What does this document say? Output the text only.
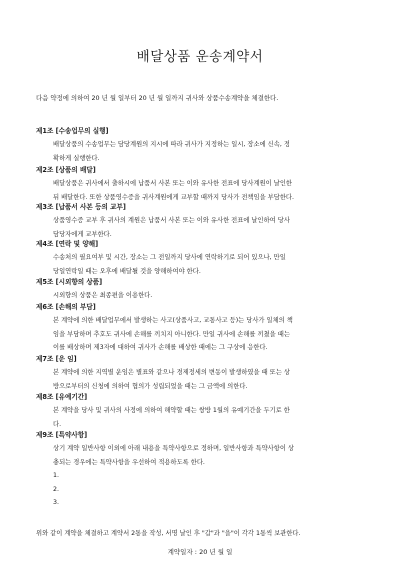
배달상품 운송계약서
다음 약정에 의하여 20 년 월 일부터 20 년 월 일까지 귀사와 상품수송계약을 체결한다.
제1조 [수송업무의 실행]
배달상품의 수송업무는 담당계원의 지시에 따라 귀사가 지정하는 일시, 장소에 신속, 정
확하게 실행한다.
제2조 [상품의 배달]
배달상품은 귀사에서 출하시에 납품서 사본 또는 이와 유사한 전표에 당사계원이 날인한
뒤 배달한다. 또한 상품영수증을 귀사계원에게 교부할 때까지 당사가 전책임을 부담한다.
제3조 [납품서 사본 등의 교부]
상품영수증 교부 후 귀사의 계원은 납품서 사본 또는 이와 유사한 전표에 날인하여 당사
담당자에게 교부한다.
제4조 [연락 및 양해]
수송처의 필요여부 및 시간, 장소는 그 전일까지 당사에 연락하기로 되어 있으나, 만일
당일연락일 때는 오후에 배달될 것을 양해하여야 한다.
제5조 [시외향의 상품]
시외향의 상품은 최종편을 이용한다.
제6조 [손해의 부담]
본 계약에 의한 배달업무에서 발생하는 사고(상품사고, 교통사고 등)는 당사가 일체의 책
임을 부담하며 추호도 귀사에 손해를 끼치지 아니한다. 만일 귀사에 손해를 끼쳤을 때는
이를 배상하며 제3자에 대하여 귀사가 손해를 배상한 때에는 그 구상에 응한다.
제7조 [운 임]
본 계약에 의한 지역별 운임은 별표와 같으나 경제정세의 변동이 발생하였을 때 또는 상
방으로부터의 신청에 의하여 협의가 성립되었을 때는 그 금액에 의한다.
제8조 [유예기간]
본 계약을 당사 및 귀사의 사정에 의하여 해약할 때는 쌍방 1월의 유예기간을 두기로 한
다.
제9조 [특약사항]
상기 계약 일반사항 이외에 아래 내용을 특약사항으로 정하며, 일반사항과 특약사항이 상
충되는 경우에는 특약사항을 우선하여 적용하도록 한다.
1.
2.
3.
위와 같이 계약을 체결하고 계약서 2통을 작성, 서명 날인 후 "갑"과 "을"이 각각 1통씩 보관한다.
계약일자 : 20 년 월 일
